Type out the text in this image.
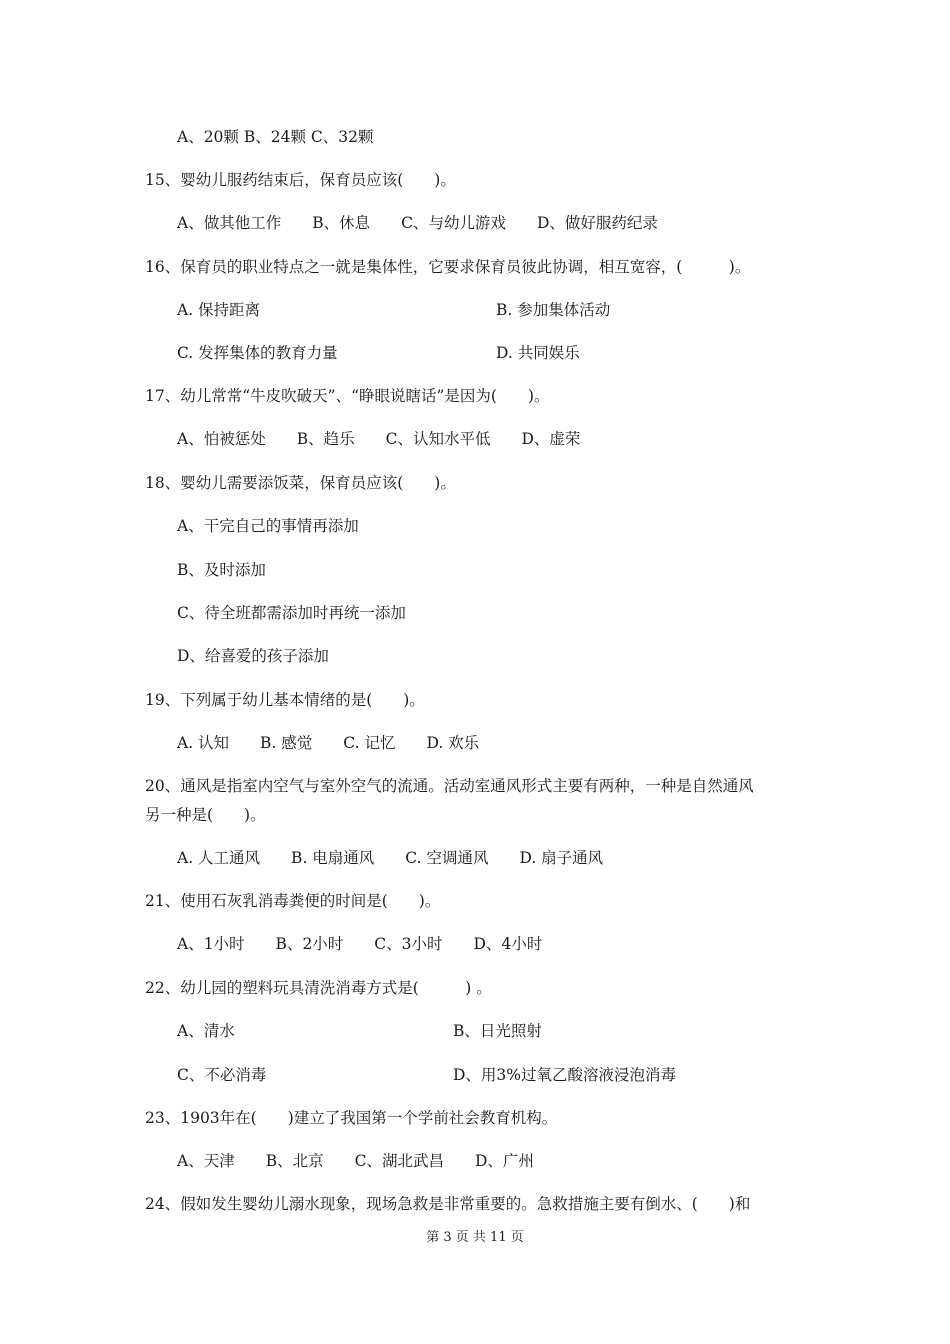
A、20颗 B、24颗 C、32颗
15、婴幼儿服药结束后，保育员应该(　　)。
A、做其他工作　　B、休息　　C、与幼儿游戏　　D、做好服药纪录
16、保育员的职业特点之一就是集体性，它要求保育员彼此协调，相互宽容，(　　　)。
A. 保持距离	B. 参加集体活动
C. 发挥集体的教育力量	D. 共同娱乐
17、幼儿常常“牛皮吹破天”、“睁眼说瞎话”是因为(　　)。
A、怕被惩处　　B、趋乐　　C、认知水平低　　D、虚荣
18、婴幼儿需要添饭菜，保育员应该(　　)。
A、干完自己的事情再添加
B、及时添加
C、待全班都需添加时再统一添加
D、给喜爱的孩子添加
19、下列属于幼儿基本情绪的是(　　)。
A. 认知　　B. 感觉　　C. 记忆　　D. 欢乐
20、通风是指室内空气与室外空气的流通。活动室通风形式主要有两种，一种是自然通风
另一种是(　　)。
A. 人工通风　　B. 电扇通风　　C. 空调通风　　D. 扇子通风
21、使用石灰乳消毒粪便的时间是(　　)。
A、1小时　　B、2小时　　C、3小时　　D、4小时
22、幼儿园的塑料玩具清洗消毒方式是(　　　) 。
A、清水	B、日光照射
C、不必消毒	D、用3%过氧乙酸溶液浸泡消毒
23、1903年在(　　)建立了我国第一个学前社会教育机构。
A、天津　　B、北京　　C、湖北武昌　　D、广州
24、假如发生婴幼儿溺水现象，现场急救是非常重要的。急救措施主要有倒水、(　　)和
第 3 页 共 11 页
